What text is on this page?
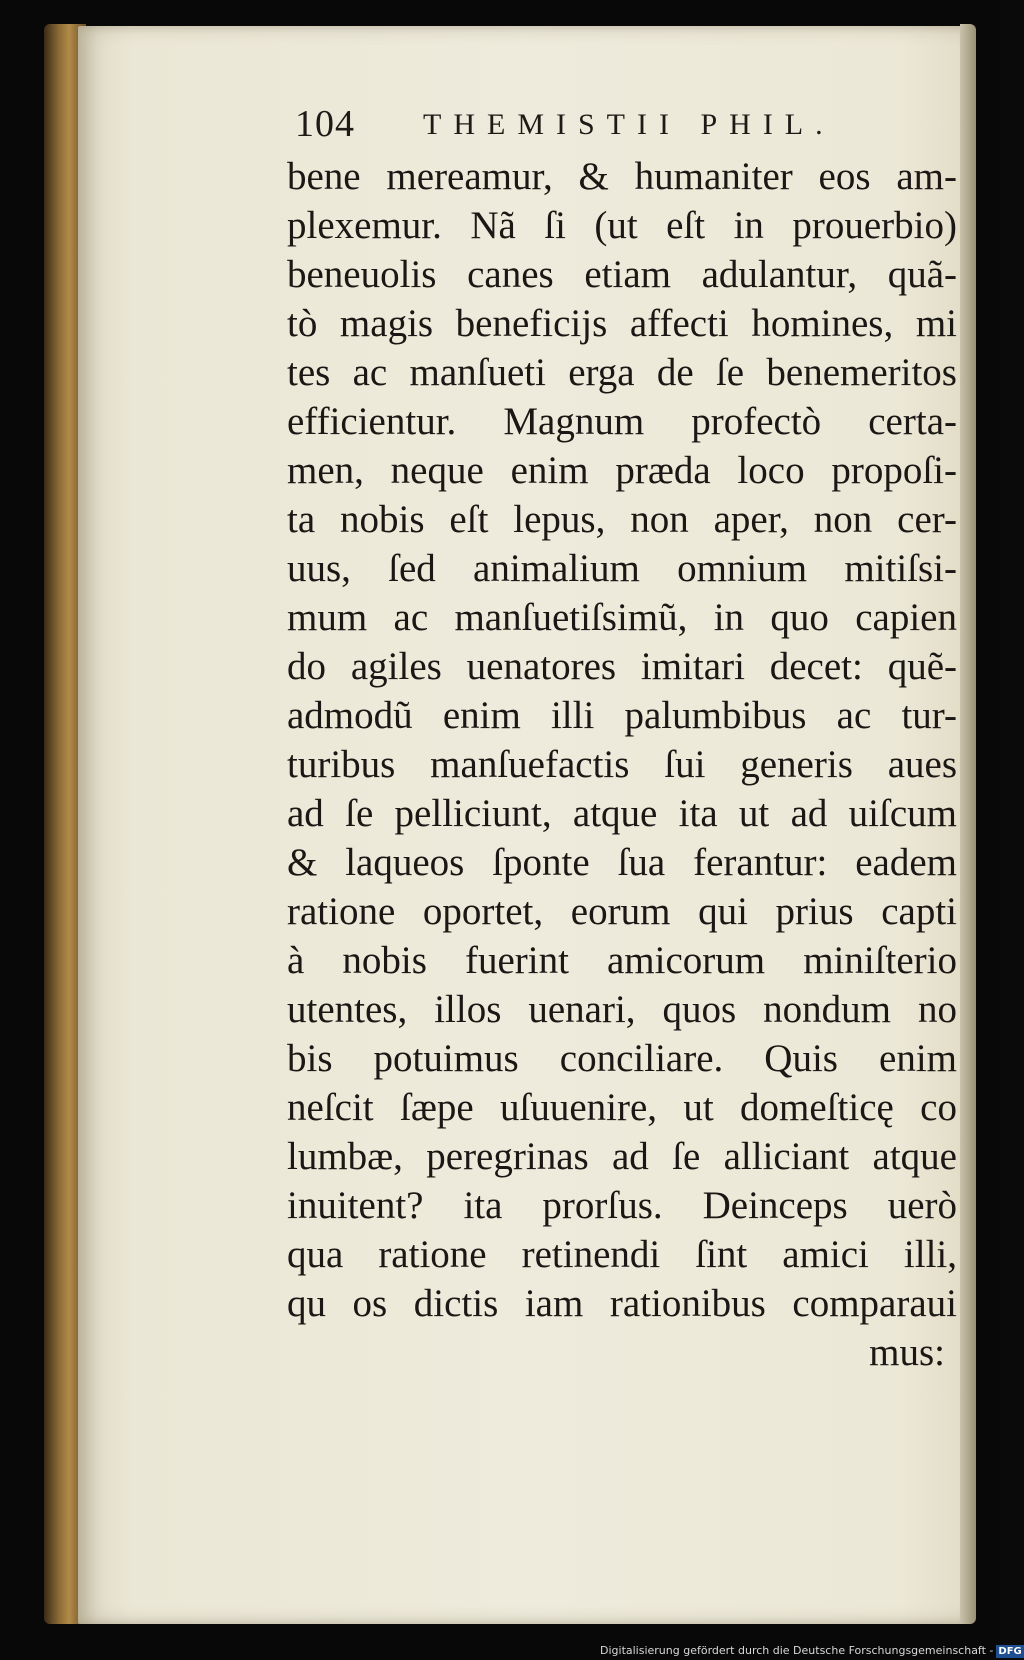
104 THEMISTII PHIL.
bene mereamur, & humaniter eos am-
plexemur. Nã ſi (ut eſt in prouerbio)
beneuolis canes etiam adulantur, quã-
tò magis beneficijs affecti homines, mi
tes ac manſueti erga de ſe benemeritos
efficientur. Magnum profectò certa-
men, neque enim præda loco propoſi-
ta nobis eſt lepus, non aper, non cer-
uus, ſed animalium omnium mitiſsi-
mum ac manſuetiſsimũ, in quo capien
do agiles uenatores imitari decet: quẽ-
admodũ enim illi palumbibus ac tur-
turibus manſuefactis ſui generis aues
ad ſe pelliciunt, atque ita ut ad uiſcum
& laqueos ſponte ſua ferantur: eadem
ratione oportet, eorum qui prius capti
à nobis fuerint amicorum miniſterio
utentes, illos uenari, quos nondum no
bis potuimus conciliare. Quis enim
neſcit ſæpe uſuuenire, ut domeſticę co
lumbæ, peregrinas ad ſe alliciant atque
inuitent? ita prorſus. Deinceps uerò
qua ratione retinendi ſint amici illi,
qu os dictis iam rationibus comparaui
mus:
Digitalisierung gefördert durch die Deutsche Forschungsgemeinschaft - DFG
